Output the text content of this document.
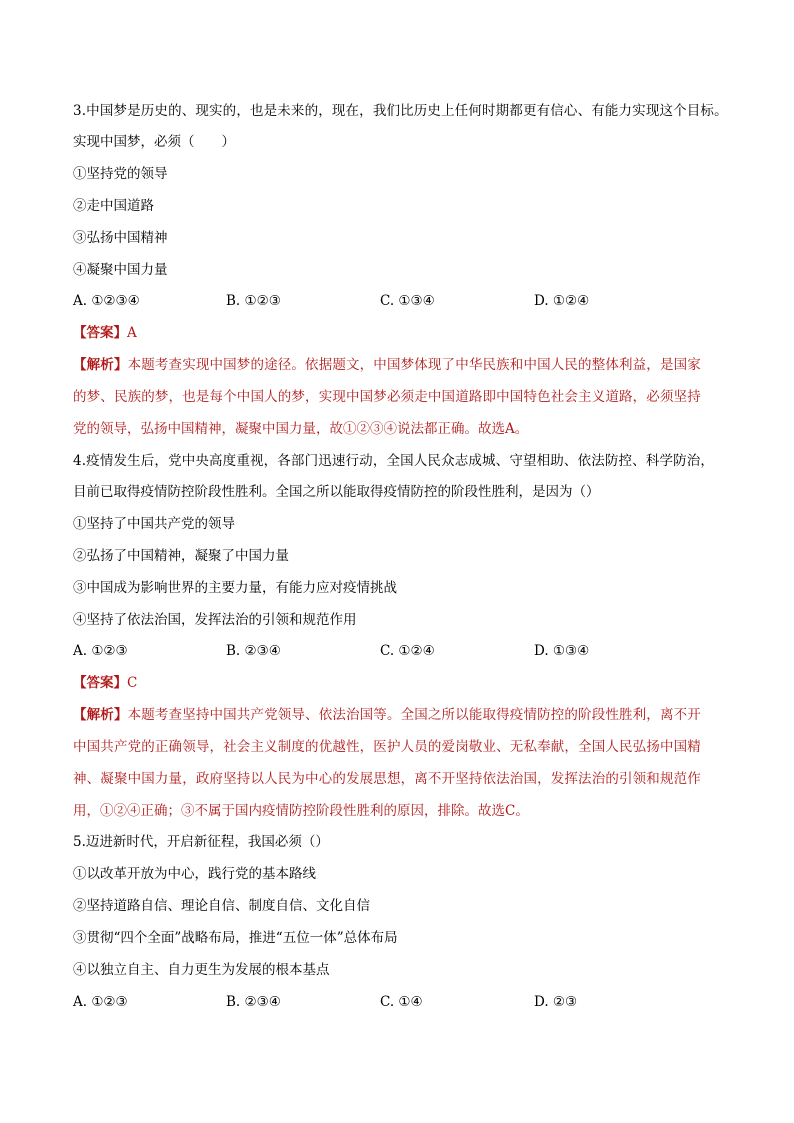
3.中国梦是历史的、现实的，也是未来的，现在，我们比历史上任何时期都更有信心、有能力实现这个目标。
实现中国梦，必须（　　）
①坚持党的领导
②走中国道路
③弘扬中国精神
④凝聚中国力量
A. ①②③④	B. ①②③	C. ①③④	D. ①②④
【答案】A
【解析】本题考查实现中国梦的途径。依据题文，中国梦体现了中华民族和中国人民的整体利益，是国家
的梦、民族的梦，也是每个中国人的梦，实现中国梦必须走中国道路即中国特色社会主义道路，必须坚持
党的领导，弘扬中国精神，凝聚中国力量，故①②③④说法都正确。故选A。
4.疫情发生后，党中央高度重视，各部门迅速行动，全国人民众志成城、守望相助、依法防控、科学防治，
目前已取得疫情防控阶段性胜利。全国之所以能取得疫情防控的阶段性胜利，是因为（）
①坚持了中国共产党的领导
②弘扬了中国精神，凝聚了中国力量
③中国成为影响世界的主要力量，有能力应对疫情挑战
④坚持了依法治国，发挥法治的引领和规范作用
A. ①②③	B. ②③④	C. ①②④	D. ①③④
【答案】C
【解析】本题考查坚持中国共产党领导、依法治国等。全国之所以能取得疫情防控的阶段性胜利，离不开
中国共产党的正确领导，社会主义制度的优越性，医护人员的爱岗敬业、无私奉献，全国人民弘扬中国精
神、凝聚中国力量，政府坚持以人民为中心的发展思想，离不开坚持依法治国，发挥法治的引领和规范作
用，①②④正确；③不属于国内疫情防控阶段性胜利的原因，排除。故选C。
5.迈进新时代，开启新征程，我国必须（）
①以改革开放为中心，践行党的基本路线
②坚持道路自信、理论自信、制度自信、文化自信
③贯彻“四个全面”战略布局，推进“五位一体”总体布局
④以独立自主、自力更生为发展的根本基点
A. ①②③	B. ②③④	C. ①④	D. ②③
